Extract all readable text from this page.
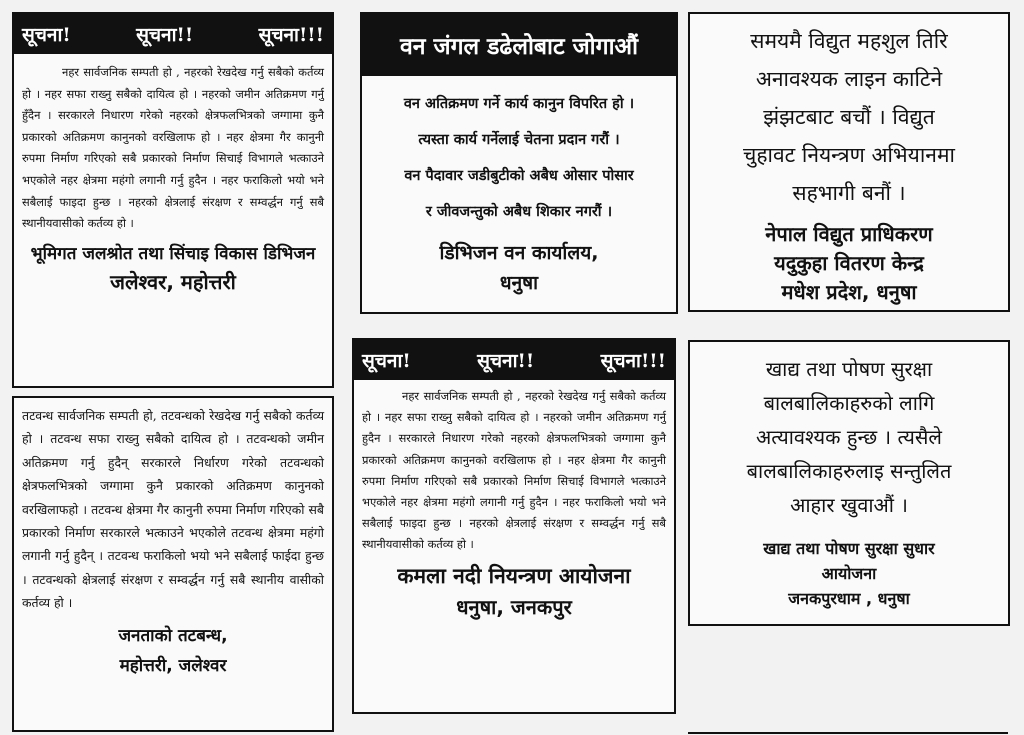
सूचना!	सूचना!!	सूचना!!!

नहर सार्वजनिक सम्पती हो , नहरको रेखदेख गर्नु सबैको कर्तव्य हो । नहर सफा राख्नु सबैको दायित्व हो । नहरको जमीन अतिक्रमण गर्नु हुँदैन । सरकारले निधारण गरेको नहरको क्षेत्रफलभित्रको जग्गामा कुनै प्रकारको अतिक्रमण कानुनको वरखिलाफ हो । नहर क्षेत्रमा गैर कानुनी रुपमा निर्माण गरिएको सबै प्रकारको निर्माण सिचाई विभागले भत्काउने भएकोले नहर क्षेत्रमा महंगो लगानी गर्नु हुदैन । नहर फराकिलो भयो भने सबैलाई फाइदा हुन्छ । नहरको क्षेत्रलाई संरक्षण र सम्वर्द्धन गर्नु सबै स्थानीयवासीको कर्तव्य हो ।

भूमिगत जलश्रोत तथा सिंचाइ विकास डिभिजन

जलेश्वर, महोत्तरी

तटवन्ध सार्वजनिक सम्पती हो, तटवन्धको रेखदेख गर्नु सबैको कर्तव्य हो । तटवन्ध सफा राख्नु सबैको दायित्व हो । तटवन्धको जमीन अतिक्रमण गर्नु हुदैन् सरकारले निर्धारण गरेको तटवन्धको क्षेत्रफलभित्रको जग्गामा कुनै प्रकारको अतिक्रमण कानुनको वरखिलाफहो । तटवन्ध क्षेत्रमा गैर कानुनी रुपमा निर्माण गरिएको सबै प्रकारको निर्माण सरकारले भत्काउने भएकोले तटवन्ध क्षेत्रमा महंगो लगानी गर्नु हुदैन् । तटवन्ध फराकिलो भयो भने सबैलाई फाईदा हुन्छ । तटवन्धको क्षेत्रलाई संरक्षण र सम्वर्द्धन गर्नु सबै स्थानीय वासीको कर्तव्य हो ।

जनताको तटबन्ध,

महोत्तरी, जलेश्वर

वन जंगल डढेलोबाट जोगाऔं

वन अतिक्रमण गर्ने कार्य कानुन विपरित हो ।

त्यस्ता कार्य गर्नेलाई चेतना प्रदान गरौं ।

वन पैदावार जडीबुटीको अबैध ओसार पोसार

र जीवजन्तुको अबैध शिकार नगरौं ।

डिभिजन वन कार्यालय,

धनुषा

सूचना!	सूचना!!	सूचना!!!

नहर सार्वजनिक सम्पती हो , नहरको रेखदेख गर्नु सबैको कर्तव्य हो । नहर सफा राख्नु सबैको दायित्व हो । नहरको जमीन अतिक्रमण गर्नु हुदैन । सरकारले निधारण गरेको नहरको क्षेत्रफलभित्रको जग्गामा कुनै प्रकारको अतिक्रमण कानुनको वरखिलाफ हो । नहर क्षेत्रमा गैर कानुनी रुपमा निर्माण गरिएको सबै प्रकारको निर्माण सिचाई विभागले भत्काउने भएकोले नहर क्षेत्रमा महंगो लगानी गर्नु हुदैन । नहर फराकिलो भयो भने सबैलाई फाइदा हुन्छ । नहरको क्षेत्रलाई संरक्षण र सम्वर्द्धन गर्नु सबै स्थानीयवासीको कर्तव्य हो ।

कमला नदी नियन्त्रण आयोजना

धनुषा, जनकपुर

समयमै विद्युत महशुल तिरि

अनावश्यक लाइन काटिने

झंझटबाट बचौं । विद्युत

चुहावट नियन्त्रण अभियानमा

सहभागी बनौं ।

नेपाल विद्युत प्राधिकरण

यदुकुहा वितरण केन्द्र

मधेश प्रदेश, धनुषा

खाद्य तथा पोषण सुरक्षा

बालबालिकाहरुको लागि

अत्यावश्यक हुन्छ । त्यसैले

बालबालिकाहरुलाइ सन्तुलित

आहार खुवाऔं ।

खाद्य तथा पोषण सुरक्षा सुधार

आयोजना

जनकपुरधाम , धनुषा
